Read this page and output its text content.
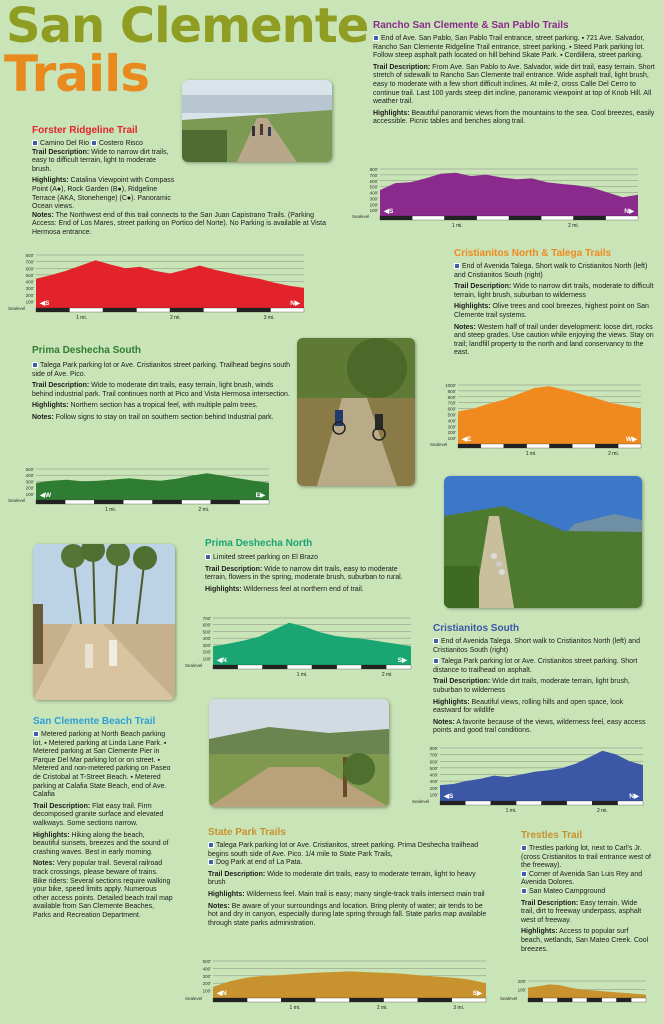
San Clemente
Trails
Rancho San Clemente & San Pablo Trails

End of Ave. San Pablo, San Pablo Trail entrance, street parking. ▪ 721 Ave. Salvador, Rancho San Clemente Ridgeline Trail entrance, street parking. ▪ Steed Park parking lot. Follow steep asphalt path located on hill behind Skate Park. ▪ Cordillera, street parking.

Trail Description: From Ave. San Pablo to Ave. Salvador, wide dirt trail, easy terrain. Short stretch of sidewalk to Rancho San Clemente trail entrance. Wide asphalt trail, light brush, easy to moderate with a few short difficult inclines. At mile-2, cross Calle Del Cerro to continue trail. Last 100 yards steep dirt incline, panoramic viewpoint at top of Knob Hill. All weather trail.

Highlights: Beautiful panoramic views from the mountains to the sea. Cool breezes, easily accessible. Picnic tables and benches along trail.

800'
700'
600'
500'
400'
300'
200'
100'
Sealevel
1 mi.	2 mi.
◀S	N▶
Forster Ridgeline Trail
Camino Del Rio Costero Risco

Trail Description: Wide to narrow dirt trails, easy to difficult terrain, light to moderate brush.

Highlights: Catalina Viewpoint with Compass Point (A●), Rock Garden (B●), Ridgeline Terrace (AKA, Stonehenge) (C●). Panoramic Ocean views.

Notes: The Northwest end of this trail connects to the San Juan Capistrano Trails. (Parking Access: End of Los Mares, street parking on Portico del Norte). No Parking is available at Vista Hermosa entrance.

800'
700'
600'
500'
400'
300'
200'
100'
Sealevel
1 mi.	2 mi.	3 mi.
◀S	N▶
Cristianitos North & Talega Trails

End of Avenida Talega. Short walk to Cristianitos North (left) and Cristianitos South (right)

Trail Description: Wide to narrow dirt trails, moderate to difficult terrain, light brush, suburban to wilderness

Highlights: Olive trees and cool breezes, highest point on San Clemente trail systems.

Notes: Western half of trail under development: loose dirt, rocks and steep grades. Use caution while enjoying the views. Stay on trail; landfill property to the north and land conservancy to the east.

1000'
900'
800'
700'
600'
500'
400'
300'
200'
100'
Sealevel
1 mi.	2 mi.
◀E	W▶
Prima Deshecha South

Talega Park parking lot or Ave. Cristianitos street parking. Trailhead begins south side of Ave. Pico.

Trail Description: Wide to moderate dirt trails, easy terrain, light brush, winds behind industrial park. Trail continues north at Pico and Vista Hermosa intersection.

Highlights: Northern section has a tropical feel, with multiple palm trees.

Notes: Follow signs to stay on trail on southern section behind Industrial park.

500'
400'
300'
200'
100'
Sealevel
1 mi.	2 mi.
◀W	E▶
Prima Deshecha North

Limited street parking on El Brazo

Trail Description: Wide to narrow dirt trails, easy to moderate terrain, flowers in the spring, moderate brush, suburban to rural.

Highlights: Wilderness feel at northern end of trail.

700'
600'
500'
400'
300'
200'
100'
Sealevel
1 mi.	2 mi.
◀N	S▶
Cristianitos South

End of Avenida Talega. Short walk to Cristianitos North (left) and Cristianitos South (right)

Talega Park parking lot or Ave. Cristianitos street parking. Short distance to trailhead on asphalt.

Trail Description: Wide dirt trails, moderate terrain, light brush, suburban to wilderness

Highlights: Beautiful views, rolling hills and open space, look eastward for wildlife

Notes: A favorite because of the views, wilderness feel, easy access points and good trail conditions.

800'
700'
600'
500'
400'
300'
200'
100'
Sealevel
1 mi.	2 mi.
◀S	N▶
San Clemente Beach Trail

Metered parking at North Beach parking lot. ▪ Metered parking at Linda Lane Park. ▪ Metered parking at San Clemente Pier in Parque Del Mar parking lot or on street. ▪ Metered and non-metered parking on Paseo de Cristobal at T-Street Beach. ▪ Metered parking at Calafia State Beach, end of Ave. Calafia

Trail Description: Flat easy trail. Firm decomposed granite surface and elevated walkways. Some sections narrow.

Highlights: Hiking along the beach, beautiful sunsets, breezes and the sound of crashing waves. Best in early morning.

Notes: Very popular trail. Several railroad track crossings, please beware of trains. Bike riders: Several sections require walking your bike, speed limits apply. Numerous other access points. Detailed beach trail map available from San Clemente Beaches, Parks and Recreation Department.

State Park Trails

Talega Park parking lot or Ave. Cristianitos, street parking. Prima Deshecha trailhead begins south side of Ave. Pico. 1/4 mile to State Park Trails,
Dog Park at end of La Pata.

Trail Description: Wide to moderate dirt trails, easy to moderate terrain, light to heavy brush

Highlights: Wilderness feel. Main trail is easy; many single-track trails intersect main trail

Notes: Be aware of your surroundings and location. Bring plenty of water; air tends to be hot and dry in canyon, especially during late spring through fall. State parks map available through state parks administration.

500'
400'
300'
200'
100'
Sealevel
1 mi.	2 mi.	3 mi.
◀N	S▶
Trestles Trail

Trestles parking lot, next to Carl's Jr. (cross Cristianitos to trail entrance west of the freeway).
Corner of Avenida San Luis Rey and Avenida Dolores.
San Mateo Campground

Trail Description: Easy terrain. Wide trail, dirt to freeway underpass, asphalt west of freeway.

Highlights: Access to popular surf beach, wetlands, San Mateo Creek. Cool breezes.

200'
100'
Sealevel
